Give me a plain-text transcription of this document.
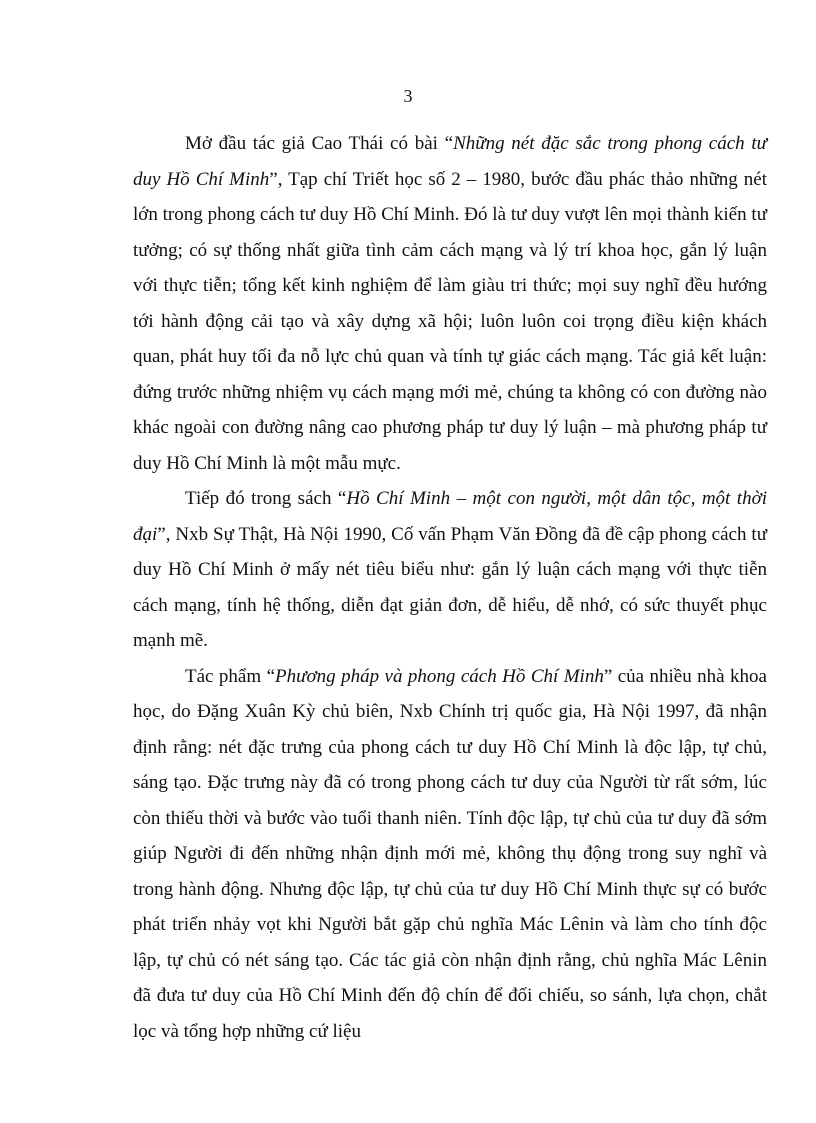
3

Mở đầu tác giả Cao Thái có bài “Những nét đặc sắc trong phong cách tư duy Hồ Chí Minh”, Tạp chí Triết học số 2 – 1980, bước đầu phác thảo những nét lớn trong phong cách tư duy Hồ Chí Minh. Đó là tư duy vượt lên mọi thành kiến tư tưởng; có sự thống nhất giữa tình cảm cách mạng và lý trí khoa học, gắn lý luận với thực tiễn; tổng kết kinh nghiệm để làm giàu tri thức; mọi suy nghĩ đều hướng tới hành động cải tạo và xây dựng xã hội; luôn luôn coi trọng điều kiện khách quan, phát huy tối đa nỗ lực chủ quan và tính tự giác cách mạng. Tác giả kết luận: đứng trước những nhiệm vụ cách mạng mới mẻ, chúng ta không có con đường nào khác ngoài con đường nâng cao phương pháp tư duy lý luận – mà phương pháp tư duy Hồ Chí Minh là một mẫu mực.

Tiếp đó trong sách “Hồ Chí Minh – một con người, một dân tộc, một thời đại”, Nxb Sự Thật, Hà Nội 1990, Cố vấn Phạm Văn Đồng đã đề cập phong cách tư duy Hồ Chí Minh ở mấy nét tiêu biểu như: gắn lý luận cách mạng với thực tiễn cách mạng, tính hệ thống, diễn đạt giản đơn, dễ hiểu, dễ nhớ, có sức thuyết phục mạnh mẽ.

Tác phẩm “Phương pháp và phong cách Hồ Chí Minh” của nhiều nhà khoa học, do Đặng Xuân Kỳ chủ biên, Nxb Chính trị quốc gia, Hà Nội 1997, đã nhận định rằng: nét đặc trưng của phong cách tư duy Hồ Chí Minh là độc lập, tự chủ, sáng tạo. Đặc trưng này đã có trong phong cách tư duy của Người từ rất sớm, lúc còn thiếu thời và bước vào tuổi thanh niên. Tính độc lập, tự chủ của tư duy đã sớm giúp Người đi đến những nhận định mới mẻ, không thụ động trong suy nghĩ và trong hành động. Nhưng độc lập, tự chủ của tư duy Hồ Chí Minh thực sự có bước phát triển nhảy vọt khi Người bắt gặp chủ nghĩa Mác Lênin và làm cho tính độc lập, tự chủ có nét sáng tạo. Các tác giả còn nhận định rằng, chủ nghĩa Mác Lênin đã đưa tư duy của Hồ Chí Minh đến độ chín để đối chiếu, so sánh, lựa chọn, chắt lọc và tổng hợp những cứ liệu
